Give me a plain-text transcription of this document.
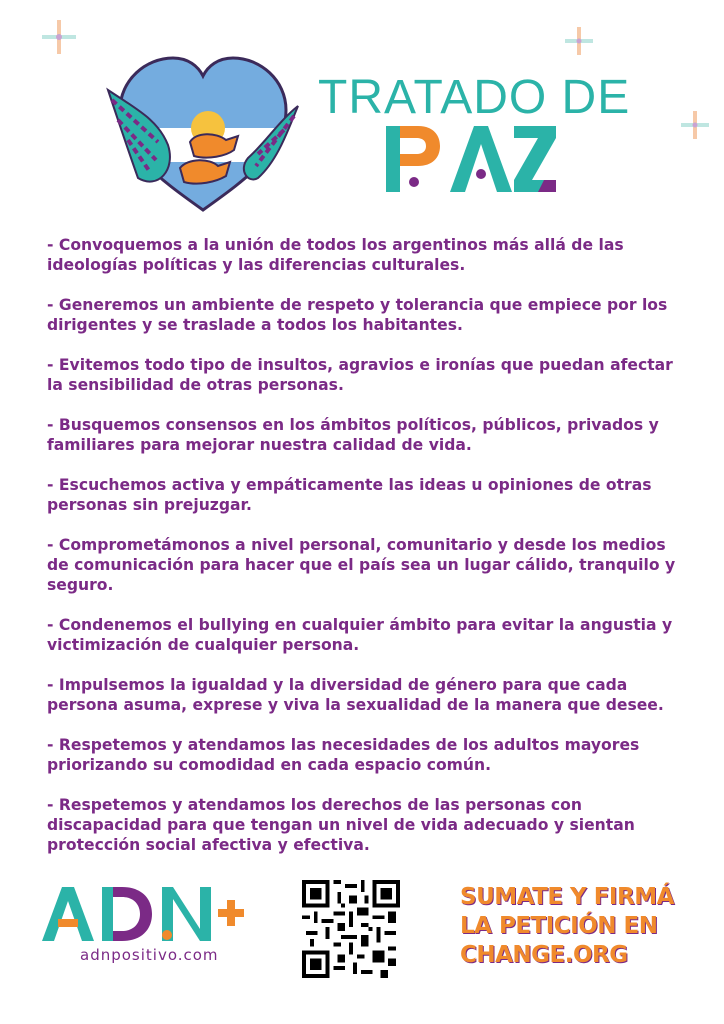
TRATADO DE

- Convoquemos a la unión de todos los argentinos más allá de las ideologías políticas y las diferencias culturales.

- Generemos un ambiente de respeto y tolerancia que empiece por los dirigentes y se traslade a todos los habitantes.

- Evitemos todo tipo de insultos, agravios e ironías que puedan afectar la sensibilidad de otras personas.

- Busquemos consensos en los ámbitos políticos, públicos, privados y familiares para mejorar nuestra calidad de vida.

- Escuchemos activa y empáticamente las ideas u opiniones de otras personas sin prejuzgar.

- Comprometámonos a nivel personal, comunitario y desde los medios de comunicación para hacer que el país sea un lugar cálido, tranquilo y seguro.

- Condenemos el bullying en cualquier ámbito para evitar la angustia y victimización de cualquier persona.

- Impulsemos la igualdad y la diversidad de género para que cada persona asuma, exprese y viva la sexualidad de la manera que desee.

- Respetemos y atendamos las necesidades de los adultos mayores priorizando su comodidad en cada espacio común.

- Respetemos y atendamos los derechos de las personas con discapacidad para que tengan un nivel de vida adecuado y sientan protección social afectiva y efectiva.

adnpositivo.com
SUMATE Y FIRMÁ
LA PETICIÓN EN
CHANGE.ORG
